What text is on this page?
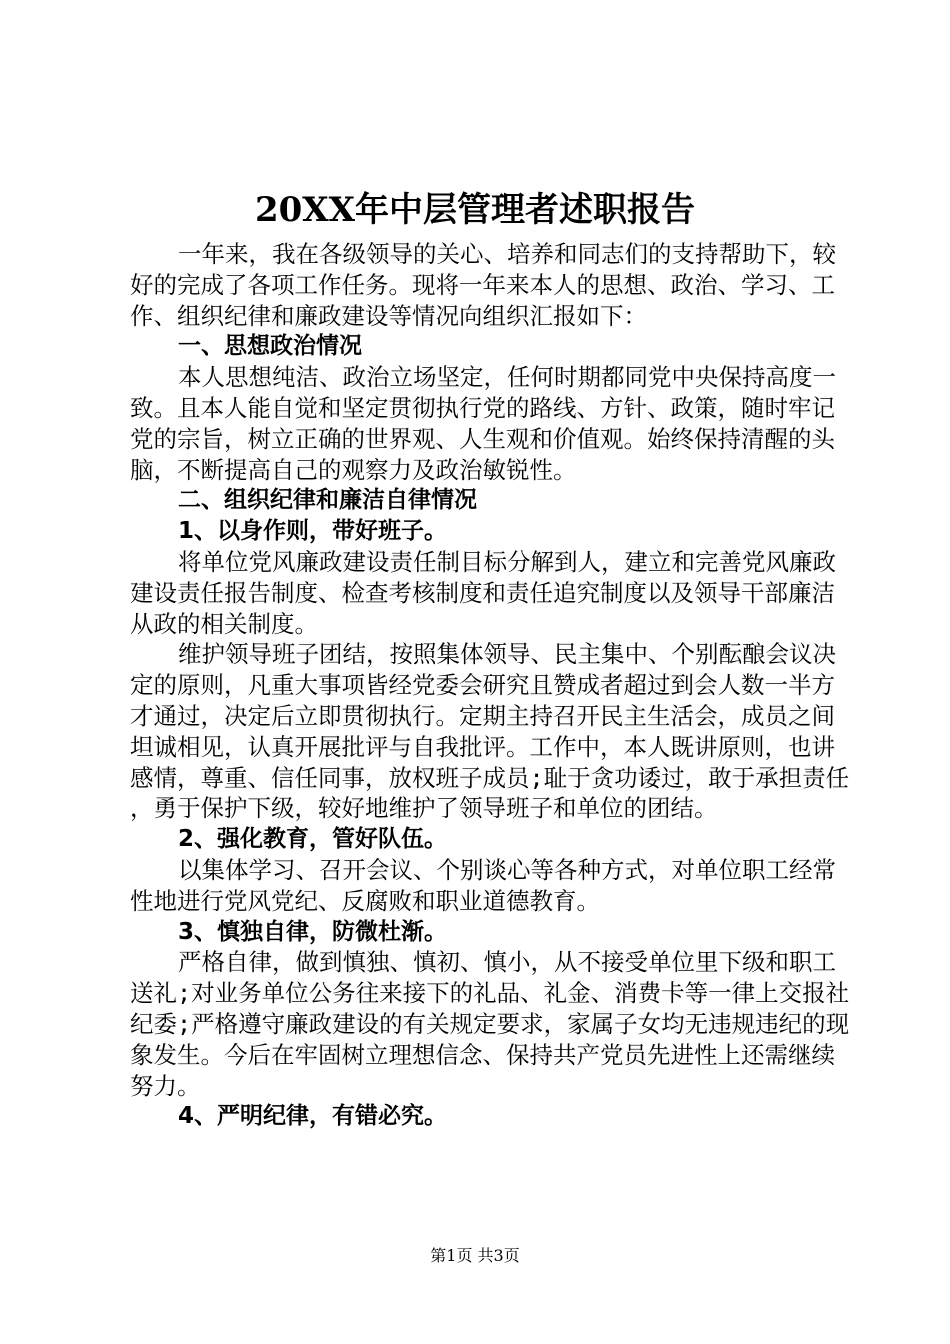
20XX年中层管理者述职报告

一年来，我在各级领导的关心、培养和同志们的支持帮助下，较好的完成了各项工作任务。现将一年来本人的思想、政治、学习、工作、组织纪律和廉政建设等情况向组织汇报如下：

一、思想政治情况

本人思想纯洁、政治立场坚定，任何时期都同党中央保持高度一致。且本人能自觉和坚定贯彻执行党的路线、方针、政策，随时牢记党的宗旨，树立正确的世界观、人生观和价值观。始终保持清醒的头脑，不断提高自己的观察力及政治敏锐性。

二、组织纪律和廉洁自律情况

1、以身作则，带好班子。

将单位党风廉政建设责任制目标分解到人，建立和完善党风廉政建设责任报告制度、检查考核制度和责任追究制度以及领导干部廉洁从政的相关制度。

维护领导班子团结，按照集体领导、民主集中、个别酝酿会议决定的原则，凡重大事项皆经党委会研究且赞成者超过到会人数一半方才通过，决定后立即贯彻执行。定期主持召开民主生活会，成员之间坦诚相见，认真开展批评与自我批评。工作中，本人既讲原则，也讲感情，尊重、信任同事，放权班子成员;耻于贪功诿过，敢于承担责任，勇于保护下级，较好地维护了领导班子和单位的团结。

2、强化教育，管好队伍。

以集体学习、召开会议、个别谈心等各种方式，对单位职工经常性地进行党风党纪、反腐败和职业道德教育。

3、慎独自律，防微杜渐。

严格自律，做到慎独、慎初、慎小，从不接受单位里下级和职工送礼;对业务单位公务往来接下的礼品、礼金、消费卡等一律上交报社纪委;严格遵守廉政建设的有关规定要求，家属子女均无违规违纪的现象发生。今后在牢固树立理想信念、保持共产党员先进性上还需继续努力。

4、严明纪律，有错必究。

第1页 共3页
